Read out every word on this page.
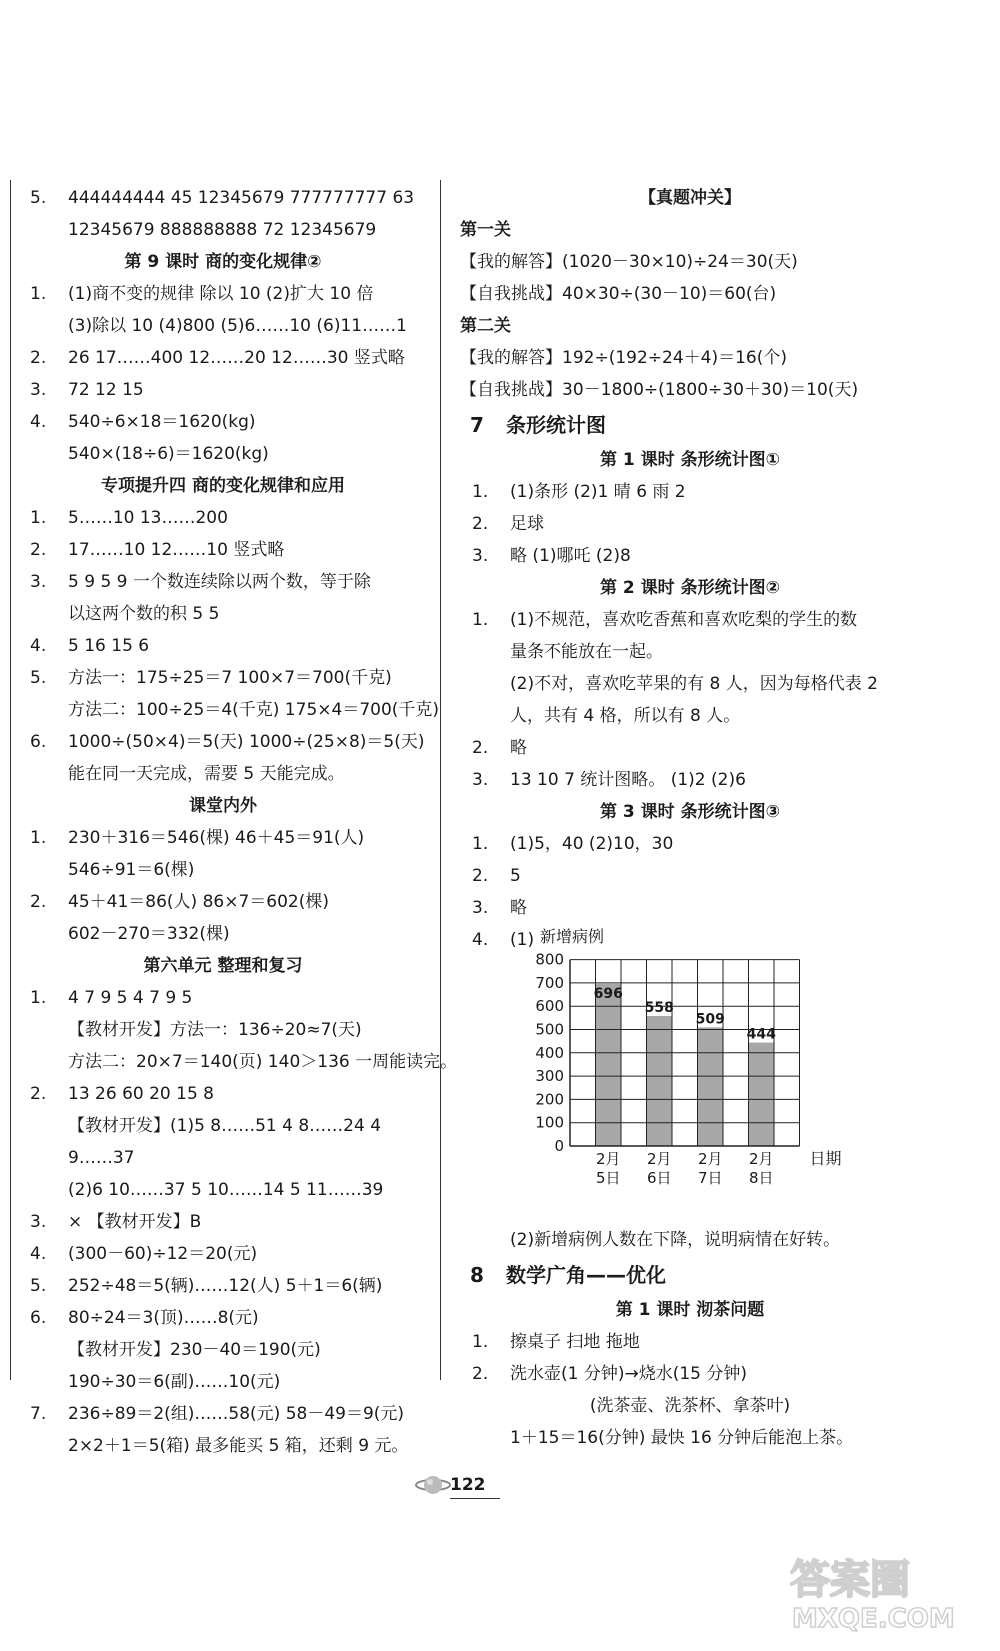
5. 444444444 45 12345679 777777777 63
12345679 888888888 72 12345679
第 9 课时 商的变化规律②
1. (1)商不变的规律 除以 10 (2)扩大 10 倍
(3)除以 10 (4)800 (5)6……10 (6)11……1
2. 26 17……400 12……20 12……30 竖式略
3. 72 12 15
4. 540÷6×18＝1620(kg)
540×(18÷6)＝1620(kg)
专项提升四 商的变化规律和应用
1. 5……10 13……200
2. 17……10 12……10 竖式略
3. 5 9 5 9 一个数连续除以两个数，等于除
以这两个数的积 5 5
4. 5 16 15 6
5. 方法一：175÷25＝7 100×7＝700(千克)
方法二：100÷25＝4(千克) 175×4＝700(千克)
6. 1000÷(50×4)＝5(天) 1000÷(25×8)＝5(天)
能在同一天完成，需要 5 天能完成。
课堂内外
1. 230＋316＝546(棵) 46＋45＝91(人)
546÷91＝6(棵)
2. 45＋41＝86(人) 86×7＝602(棵)
602－270＝332(棵)
第六单元 整理和复习
1. 4 7 9 5 4 7 9 5
【教材开发】方法一：136÷20≈7(天)
方法二：20×7＝140(页) 140＞136 一周能读完。
2. 13 26 60 20 15 8
【教材开发】(1)5 8……51 4 8……24 4
9……37
(2)6 10……37 5 10……14 5 11……39
3. × 【教材开发】B
4. (300－60)÷12＝20(元)
5. 252÷48＝5(辆)……12(人) 5＋1＝6(辆)
6. 80÷24＝3(顶)……8(元)
【教材开发】230－40＝190(元)
190÷30＝6(副)……10(元)
7. 236÷89＝2(组)……58(元) 58－49＝9(元)
2×2＋1＝5(箱) 最多能买 5 箱，还剩 9 元。
【真题冲关】
第一关
【我的解答】(1020－30×10)÷24＝30(天)
【自我挑战】40×30÷(30－10)＝60(台)
第二关
【我的解答】192÷(192÷24＋4)＝16(个)
【自我挑战】30－1800÷(1800÷30＋30)＝10(天)
7 条形统计图
第 1 课时 条形统计图①
1. (1)条形 (2)1 晴 6 雨 2
2. 足球
3. 略 (1)哪吒 (2)8
第 2 课时 条形统计图②
1. (1)不规范，喜欢吃香蕉和喜欢吃梨的学生的数
量条不能放在一起。
(2)不对，喜欢吃苹果的有 8 人，因为每格代表 2
人，共有 4 格，所以有 8 人。
2. 略
3. 13 10 7 统计图略。 (1)2 (2)6
第 3 课时 条形统计图③
1. (1)5，40 (2)10，30
2. 5
3. 略
4. (1) 新增病例
0
100
200
300
400
500
600
700
800
696
558
509
444
2月
5日
2月
6日
2月
7日
2月
8日
日期
(2)新增病例人数在下降，说明病情在好转。
8 数学广角——优化
第 1 课时 沏茶问题
1. 擦桌子 扫地 拖地
2. 洗水壶(1 分钟)→烧水(15 分钟)
(洗茶壶、洗茶杯、拿茶叶)
1＋15＝16(分钟) 最快 16 分钟后能泡上茶。
122
答案圈
MXQE.COM
